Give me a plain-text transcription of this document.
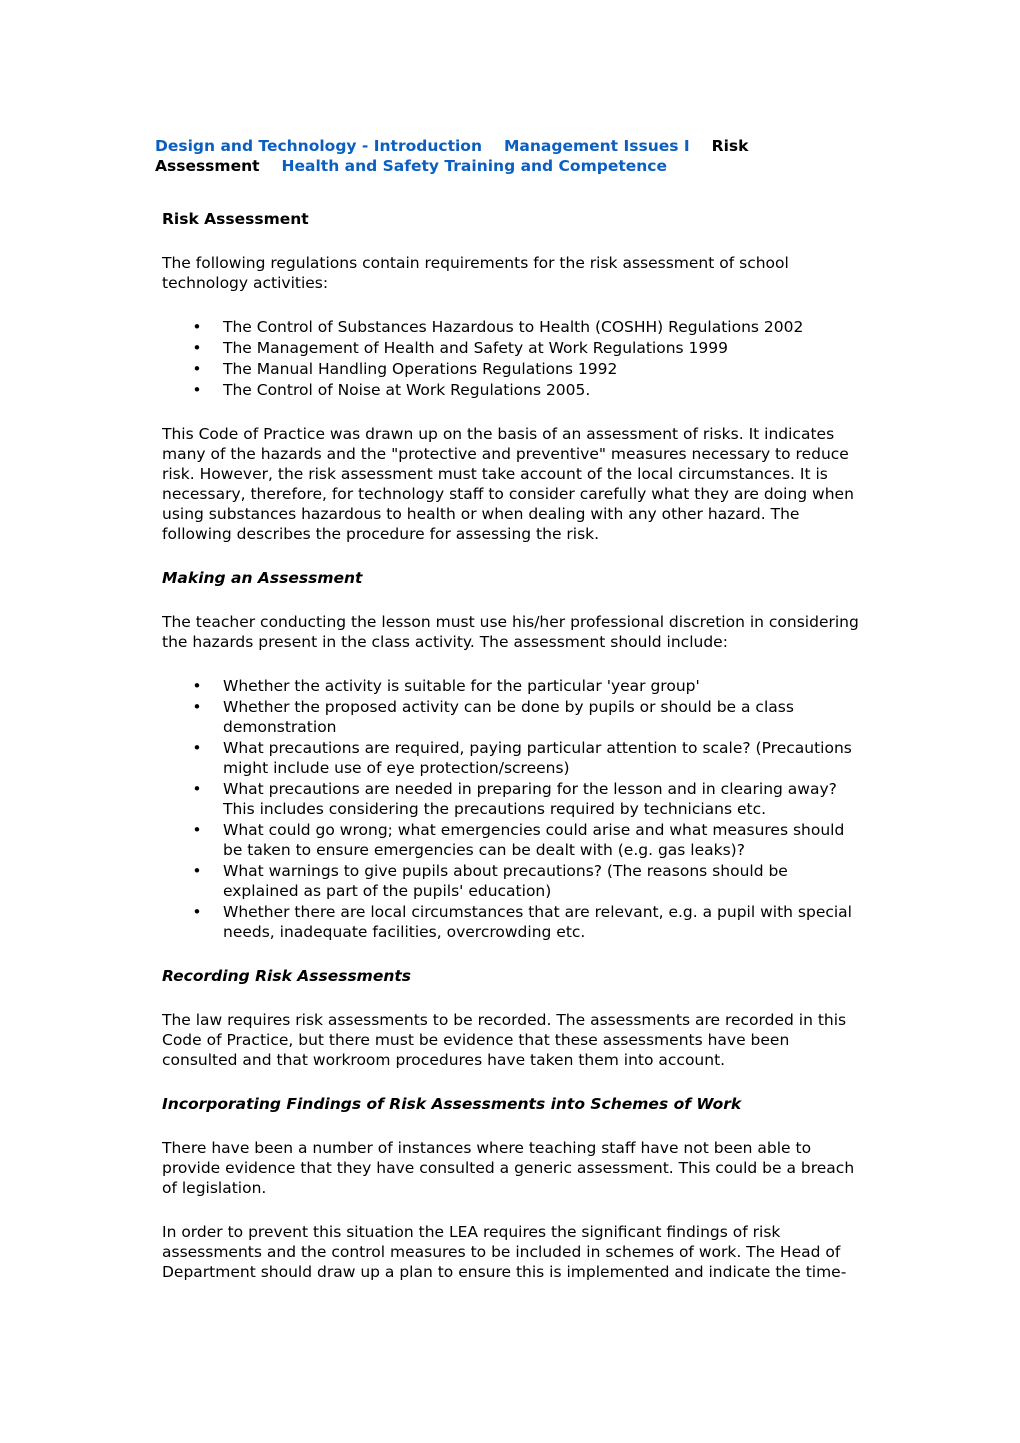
Design and Technology - Introduction Management Issues I Risk Assessment Health and Safety Training and Competence
Risk Assessment

The following regulations contain requirements for the risk assessment of school technology activities:

• The Control of Substances Hazardous to Health (COSHH) Regulations 2002
• The Management of Health and Safety at Work Regulations 1999
• The Manual Handling Operations Regulations 1992
• The Control of Noise at Work Regulations 2005.

This Code of Practice was drawn up on the basis of an assessment of risks. It indicates many of the hazards and the "protective and preventive" measures necessary to reduce risk. However, the risk assessment must take account of the local circumstances. It is necessary, therefore, for technology staff to consider carefully what they are doing when using substances hazardous to health or when dealing with any other hazard. The following describes the procedure for assessing the risk.

Making an Assessment

The teacher conducting the lesson must use his/her professional discretion in considering the hazards present in the class activity. The assessment should include:

• Whether the activity is suitable for the particular 'year group'
• Whether the proposed activity can be done by pupils or should be a class demonstration
• What precautions are required, paying particular attention to scale? (Precautions might include use of eye protection/screens)
• What precautions are needed in preparing for the lesson and in clearing away? This includes considering the precautions required by technicians etc.
• What could go wrong; what emergencies could arise and what measures should be taken to ensure emergencies can be dealt with (e.g. gas leaks)?
• What warnings to give pupils about precautions? (The reasons should be explained as part of the pupils' education)
• Whether there are local circumstances that are relevant, e.g. a pupil with special needs, inadequate facilities, overcrowding etc.
Recording Risk Assessments

The law requires risk assessments to be recorded. The assessments are recorded in this Code of Practice, but there must be evidence that these assessments have been consulted and that workroom procedures have taken them into account.

Incorporating Findings of Risk Assessments into Schemes of Work

There have been a number of instances where teaching staff have not been able to provide evidence that they have consulted a generic assessment. This could be a breach of legislation.

In order to prevent this situation the LEA requires the significant findings of risk assessments and the control measures to be included in schemes of work. The Head of Department should draw up a plan to ensure this is implemented and indicate the time-
